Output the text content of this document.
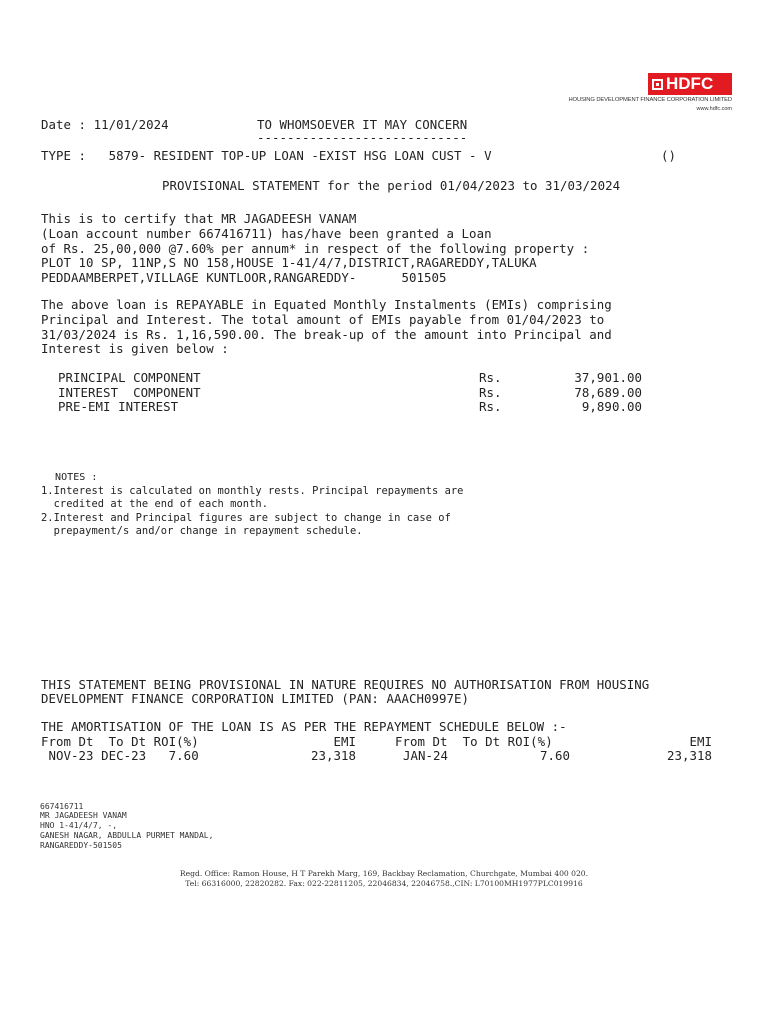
HDFC
HOUSING DEVELOPMENT FINANCE CORPORATION LIMITED
www.hdfc.com
Date : 11/01/2024	TO WHOMSOEVER IT MAY CONCERN
----------------------------
TYPE :   5879- RESIDENT TOP-UP LOAN -EXIST HSG LOAN CUST - V	()
PROVISIONAL STATEMENT for the period 01/04/2023 to 31/03/2024
This is to certify that MR JAGADEESH VANAM
(Loan account number 667416711) has/have been granted a Loan
of Rs. 25,00,000 @7.60% per annum* in respect of the following property :
PLOT 10 SP, 11NP,S NO 158,HOUSE 1-41/4/7,DISTRICT,RAGAREDDY,TALUKA
PEDDAAMBERPET,VILLAGE KUNTLOOR,RANGAREDDY-      501505
The above loan is REPAYABLE in Equated Monthly Instalments (EMIs) comprising
Principal and Interest. The total amount of EMIs payable from 01/04/2023 to
31/03/2024 is Rs. 1,16,590.00. The break-up of the amount into Principal and
Interest is given below :
PRINCIPAL COMPONENT	Rs.	37,901.00
INTEREST  COMPONENT	Rs.	78,689.00
PRE-EMI INTEREST	Rs.	9,890.00
NOTES :
1.Interest is calculated on monthly rests. Principal repayments are
credited at the end of each month.
2.Interest and Principal figures are subject to change in case of
prepayment/s and/or change in repayment schedule.
THIS STATEMENT BEING PROVISIONAL IN NATURE REQUIRES NO AUTHORISATION FROM HOUSING
DEVELOPMENT FINANCE CORPORATION LIMITED (PAN: AAACH0997E)
THE AMORTISATION OF THE LOAN IS AS PER THE REPAYMENT SCHEDULE BELOW :-
From Dt  To Dt ROI(%)	EMI	From Dt  To Dt ROI(%)	EMI
NOV-23 DEC-23   7.60	23,318	JAN-24	7.60	23,318
667416711
MR JAGADEESH VANAM
HNO 1-41/4/7, -,
GANESH NAGAR, ABDULLA PURMET MANDAL,
RANGAREDDY-501505
Regd. Office: Ramon House, H T Parekh Marg, 169, Backbay Reclamation, Churchgate, Mumbai 400 020.
Tel: 66316000, 22820282. Fax: 022-22811205, 22046834, 22046758.,CIN: L70100MH1977PLC019916
